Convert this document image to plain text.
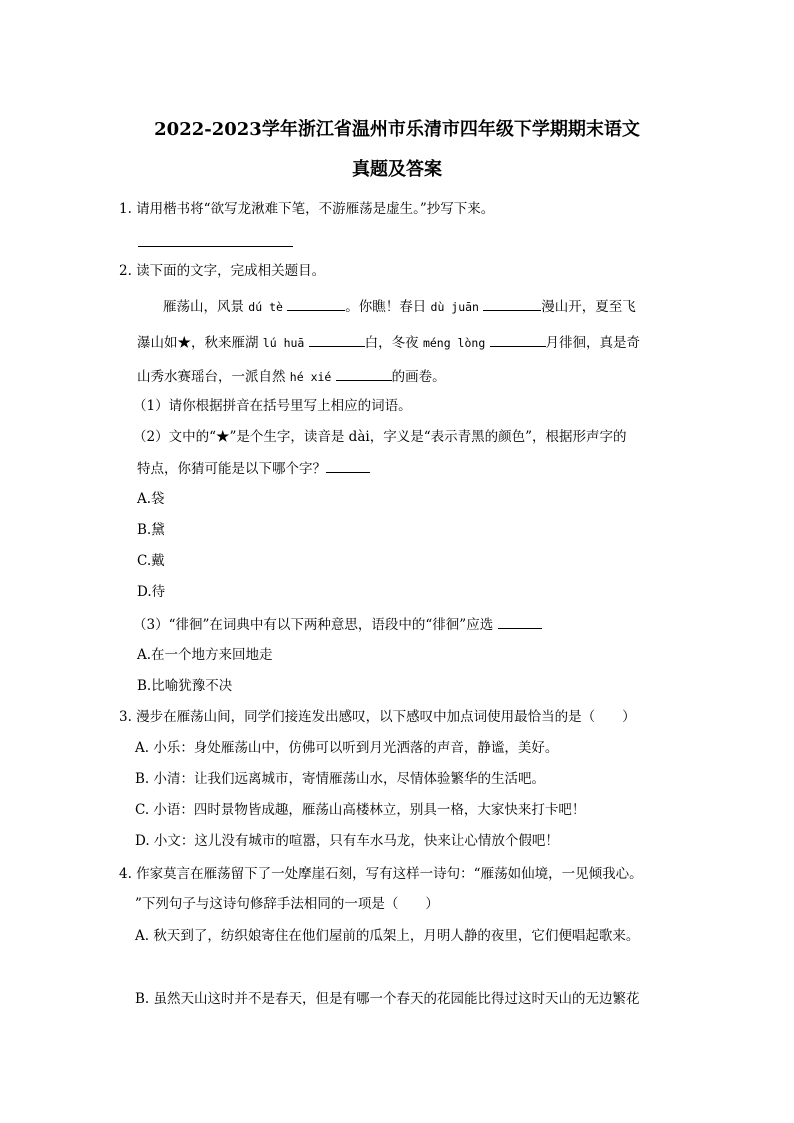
2022-2023学年浙江省温州市乐清市四年级下学期期末语文
真题及答案
1. 请用楷书将“欲写龙湫难下笔，不游雁荡是虚生。”抄写下来。
2. 读下面的文字，完成相关题目。
雁荡山，风景 dú tè	。你瞧！春日 dù juān	漫山开，夏至飞
瀑山如★，秋来雁湖 lú huā	白，冬夜 méng lòng	月徘徊，真是奇
山秀水赛瑶台，一派自然 hé xié	的画卷。
（1）请你根据拼音在括号里写上相应的词语。
（2）文中的“★”是个生字，读音是 dài，字义是“表示青黑的颜色”，根据形声字的
特点，你猜可能是以下哪个字？
A.袋
B.黛
C.戴
D.待
（3）“徘徊”在词典中有以下两种意思，语段中的“徘徊”应选
A.在一个地方来回地走
B.比喻犹豫不决
3. 漫步在雁荡山间，同学们接连发出感叹，以下感叹中加点词使用最恰当的是（　　）
A. 小乐：身处雁荡山中，仿佛可以听到月光洒落的声音，静谧，美好。
B. 小清：让我们远离城市，寄情雁荡山水，尽情体验繁华的生活吧。
C. 小语：四时景物皆成趣，雁荡山高楼林立，别具一格，大家快来打卡吧！
D. 小文：这儿没有城市的喧嚣，只有车水马龙，快来让心情放个假吧！
4. 作家莫言在雁荡留下了一处摩崖石刻，写有这样一诗句：“雁荡如仙境，一见倾我心。
”下列句子与这诗句修辞手法相同的一项是（　　）
A. 秋天到了，纺织娘寄住在他们屋前的瓜架上，月明人静的夜里，它们便唱起歌来。
B. 虽然天山这时并不是春天，但是有哪一个春天的花园能比得过这时天山的无边繁花
